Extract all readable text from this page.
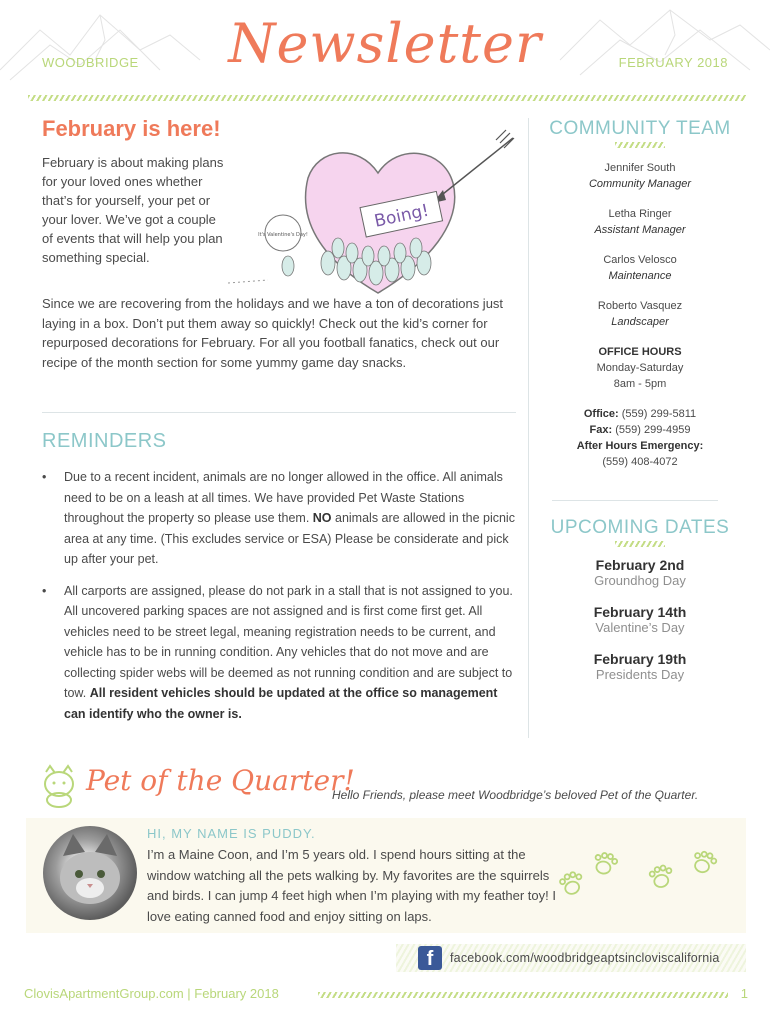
WOODBRIDGE	Newsletter	FEBRUARY 2018
February is here!

February is about making plans for your loved ones whether that’s for yourself, your pet or your lover. We’ve got a couple of events that will help you plan something special.

Boing!
It's Valentine's Day!

Since we are recovering from the holidays and we have a ton of decorations just laying in a box. Don’t put them away so quickly! Check out the kid’s corner for repurposed decorations for February. For all you football fanatics, check out our recipe of the month section for some yummy game day snacks.

REMINDERS
• Due to a recent incident, animals are no longer allowed in the office. All animals need to be on a leash at all times. We have provided Pet Waste Stations throughout the property so please use them. NO animals are allowed in the picnic area at any time. (This excludes service or ESA) Please be considerate and pick up after your pet.
• All carports are assigned, please do not park in a stall that is not assigned to you. All uncovered parking spaces are not assigned and is first come first get. All vehicles need to be street legal, meaning registration needs to be current, and vehicle has to be in running condition. Any vehicles that do not move and are collecting spider webs will be deemed as not running condition and are subject to tow. All resident vehicles should be updated at the office so management can identify who the owner is.
COMMUNITY TEAM
Jennifer South
Community Manager
Letha Ringer
Assistant Manager
Carlos Velosco
Maintenance
Roberto Vasquez
Landscaper
OFFICE HOURS
Monday-Saturday
8am - 5pm
Office: (559) 299-5811
Fax: (559) 299-4959
After Hours Emergency:
(559) 408-4072
UPCOMING DATES
February 2nd
Groundhog Day
February 14th
Valentine’s Day
February 19th
Presidents Day
Pet of the Quarter!
Hello Friends, please meet Woodbridge’s beloved Pet of the Quarter.
HI, MY NAME IS PUDDY.

I’m a Maine Coon, and I’m 5 years old. I spend hours sitting at the window watching all the pets walking by. My favorites are the squirrels and birds. I can jump 4 feet high when I’m playing with my feather toy! I love eating canned food and enjoy sitting on laps.

f	facebook.com/woodbridgeaptsincloviscalifornia
ClovisApartmentGroup.com | February 2018	1
